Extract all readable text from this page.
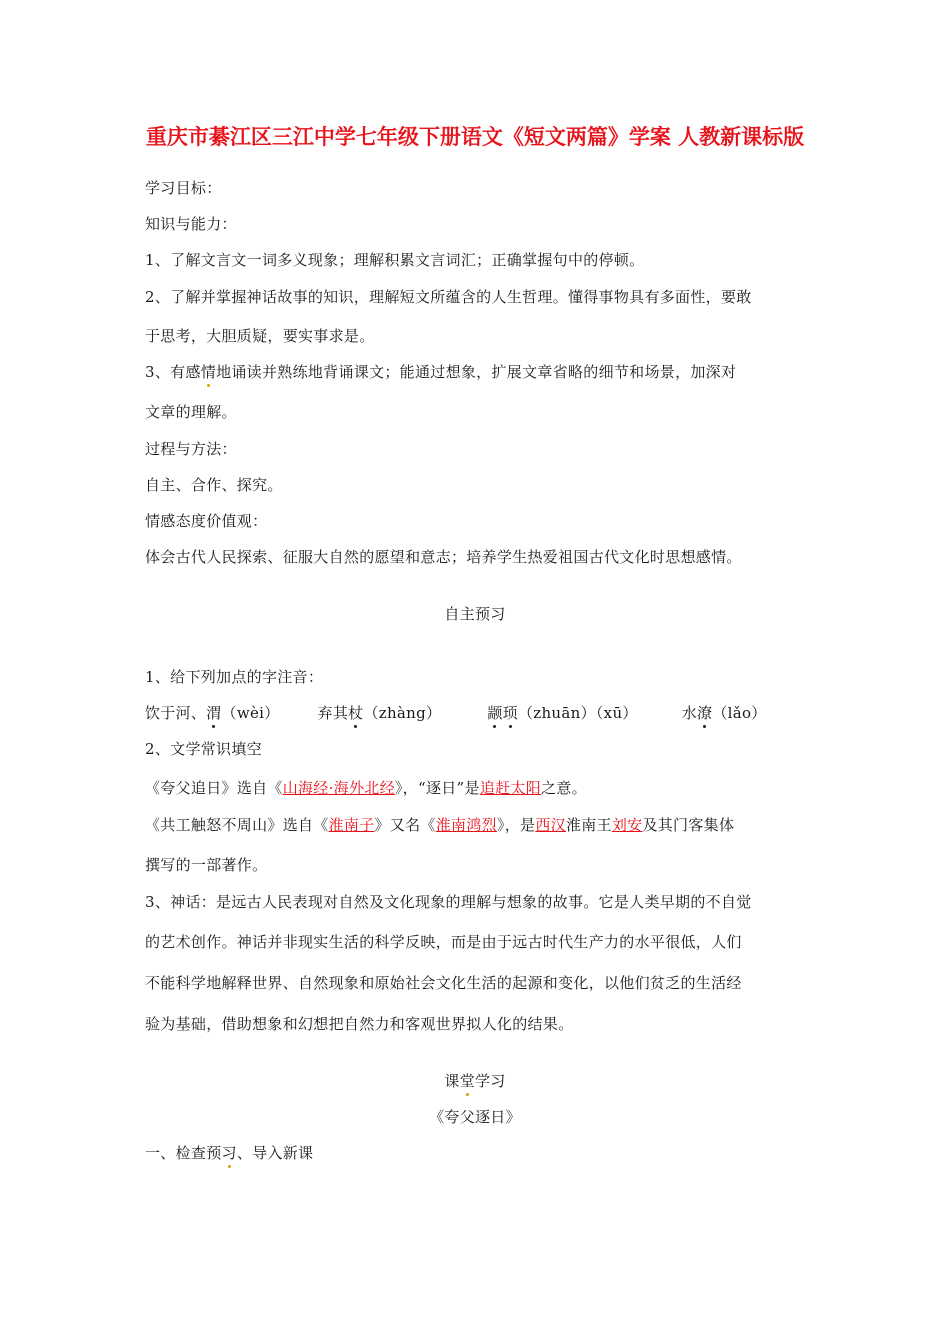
重庆市綦江区三江中学七年级下册语文《短文两篇》学案 人教新课标版
学习目标：
知识与能力：
1、了解文言文一词多义现象；理解积累文言词汇；正确掌握句中的停顿。
2、了解并掌握神话故事的知识，理解短文所蕴含的人生哲理。懂得事物具有多面性，要敢
于思考，大胆质疑，要实事求是。
3、有感情地诵读并熟练地背诵课文；能通过想象，扩展文章省略的细节和场景，加深对
文章的理解。
过程与方法：
自主、合作、探究。
情感态度价值观：
体会古代人民探索、征服大自然的愿望和意志；培养学生热爱祖国古代文化时思想感情。
自主预习
1、给下列加点的字注音：
饮于河、渭（wèi）	弃其杖（zhàng）	颛顼（zhuān）（xū）	水潦（lǎo）
2、文学常识填空
《夸父追日》选自《山海经·海外北经》，“逐日”是追赶太阳之意。
《共工触怒不周山》选自《淮南子》又名《淮南鸿烈》，是西汉淮南王刘安及其门客集体
撰写的一部著作。
3、神话：是远古人民表现对自然及文化现象的理解与想象的故事。它是人类早期的不自觉
的艺术创作。神话并非现实生活的科学反映，而是由于远古时代生产力的水平很低，人们
不能科学地解释世界、自然现象和原始社会文化生活的起源和变化，以他们贫乏的生活经
验为基础，借助想象和幻想把自然力和客观世界拟人化的结果。
课堂学习
《夸父逐日》
一、检查预习、导入新课
